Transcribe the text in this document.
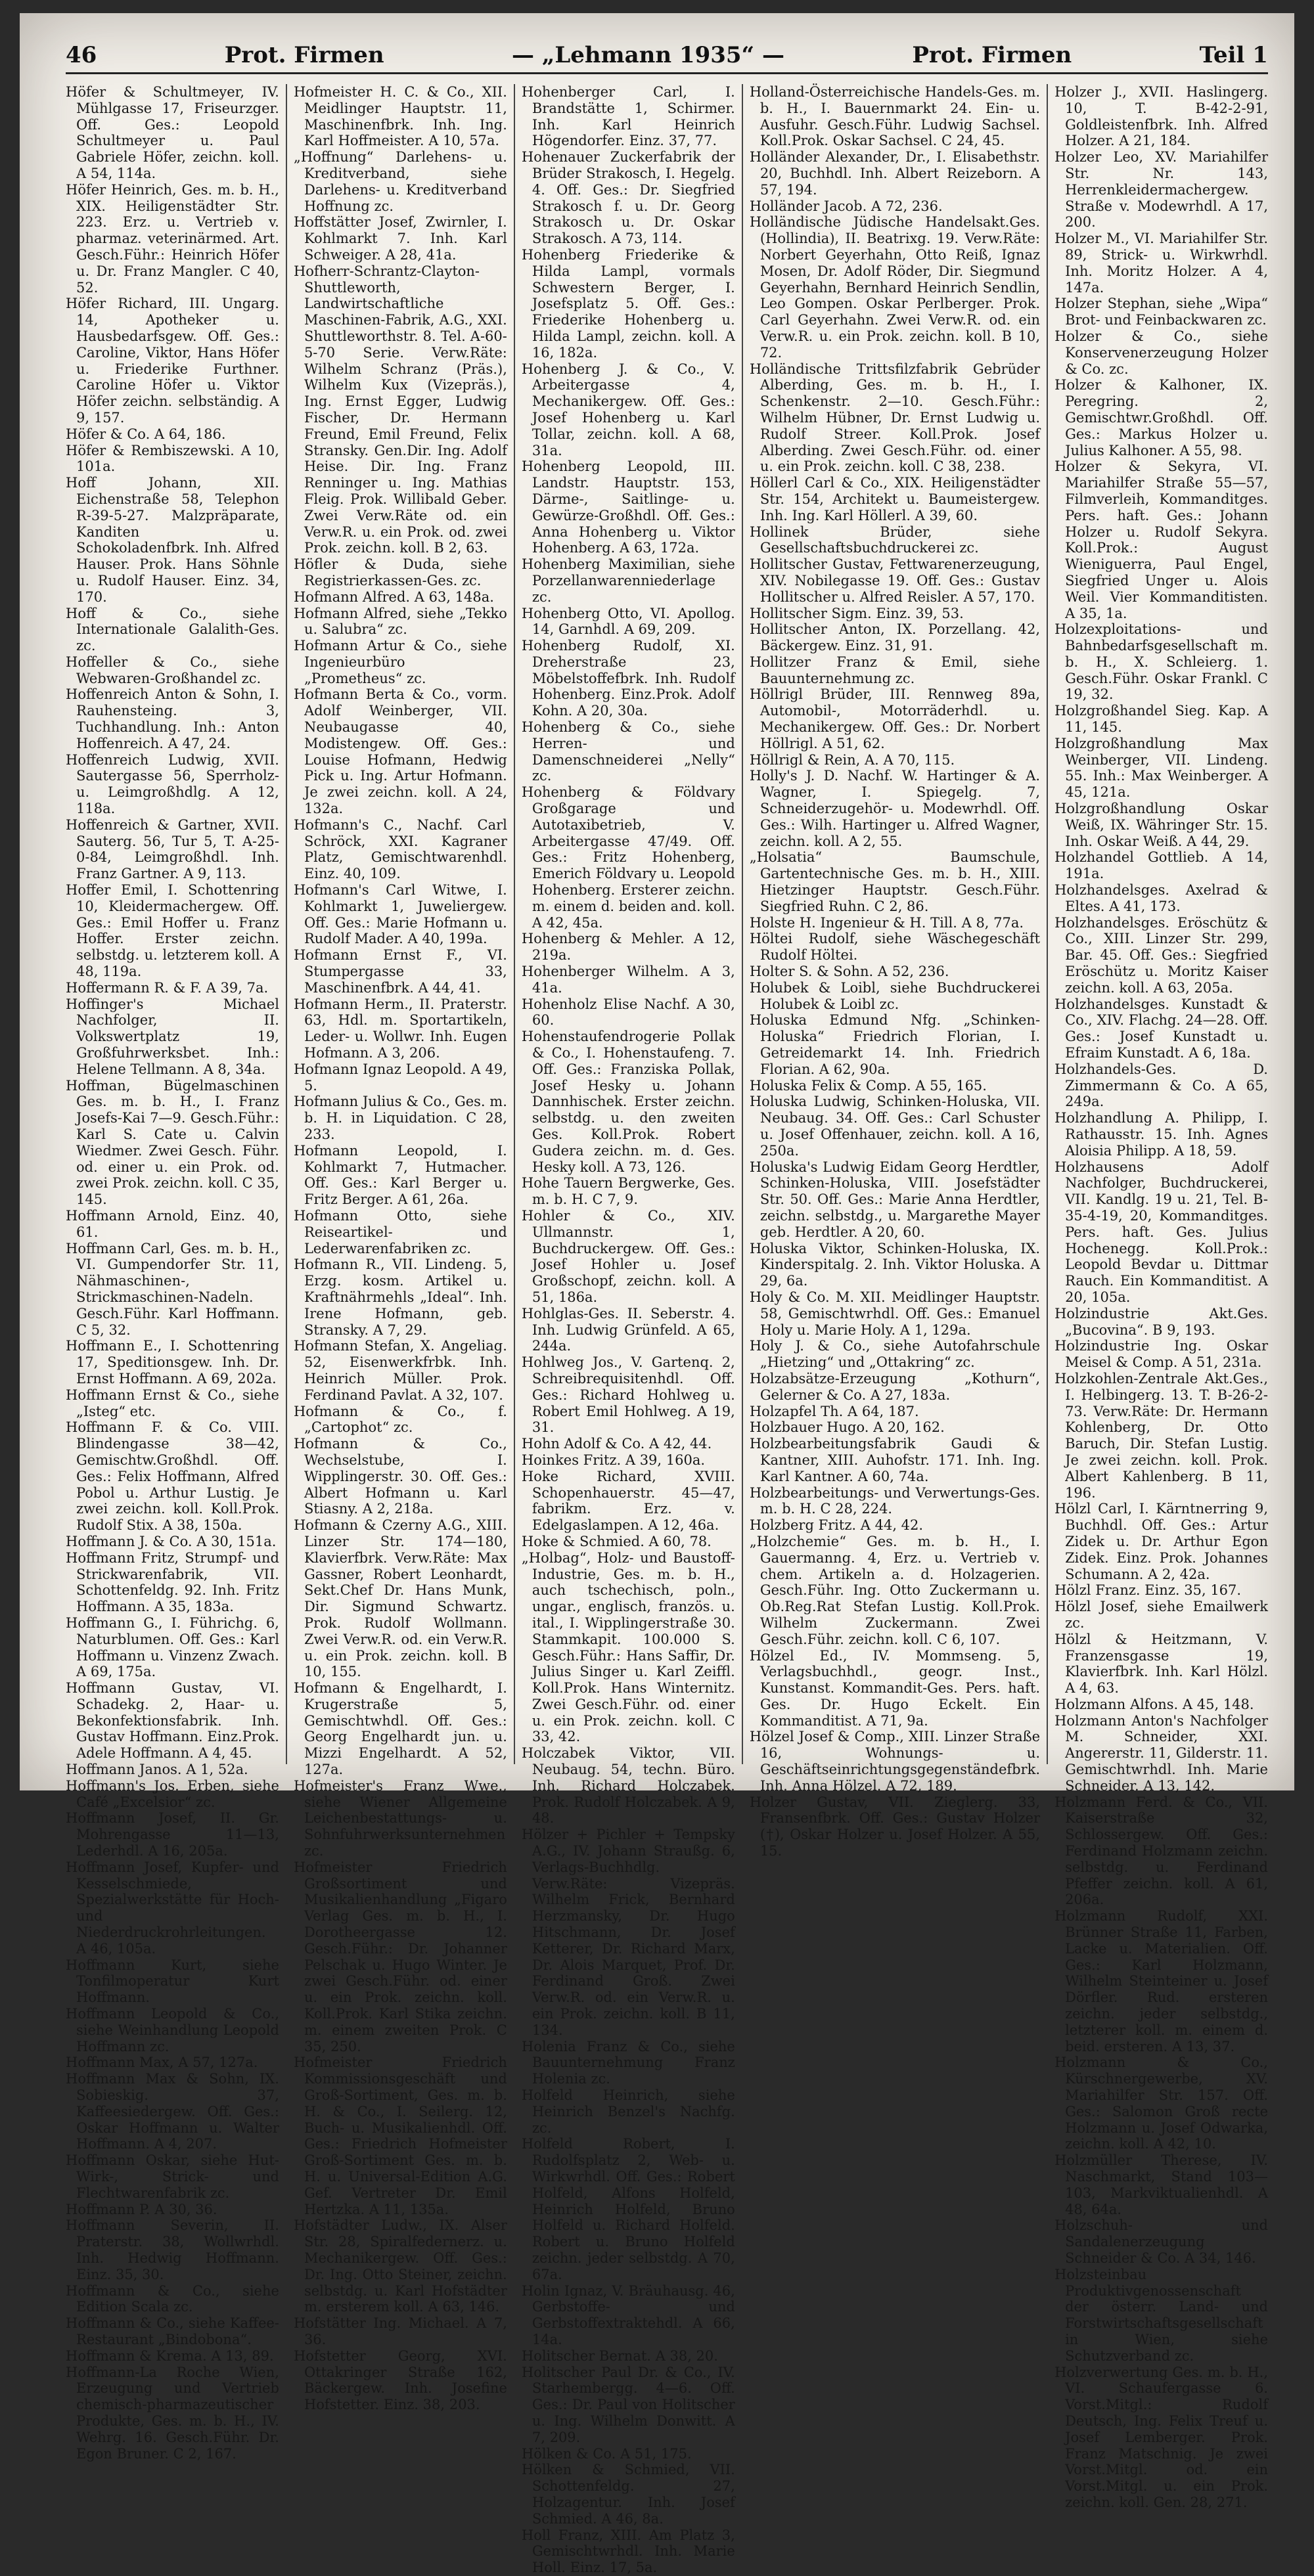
46	Prot. Firmen	— „Lehmann 1935“ —	Prot. Firmen	Teil 1

Höfer & Schultmeyer, IV. Mühlgasse 17, Friseurzger. Off. Ges.: Leopold Schultmeyer u. Paul Gabriele Höfer, zeichn. koll. A 54, 114a.

Höfer Heinrich, Ges. m. b. H., XIX. Heiligenstädter Str. 223. Erz. u. Vertrieb v. pharmaz. veterinärmed. Art. Gesch.Führ.: Heinrich Höfer u. Dr. Franz Mangler. C 40, 52.

Höfer Richard, III. Ungarg. 14, Apotheker u. Hausbedarfsgew. Off. Ges.: Caroline, Viktor, Hans Höfer u. Friederike Furthner. Caroline Höfer u. Viktor Höfer zeichn. selbständig. A 9, 157.

Höfer & Co. A 64, 186.

Höfer & Rembiszewski. A 10, 101a.

Hoff Johann, XII. Eichenstraße 58, Telephon R-39-5-27. Malzpräparate, Kanditen u. Schokoladenfbrk. Inh. Alfred Hauser. Prok. Hans Söhnle u. Rudolf Hauser. Einz. 34, 170.

Hoff & Co., siehe Internationale Galalith-Ges. zc.

Hoffeller & Co., siehe Webwaren-Großhandel zc.

Hoffenreich Anton & Sohn, I. Rauhensteing. 3, Tuchhandlung. Inh.: Anton Hoffenreich. A 47, 24.

Hoffenreich Ludwig, XVII. Sautergasse 56, Sperrholz- u. Leimgroßhdlg. A 12, 118a.

Hoffenreich & Gartner, XVII. Sauterg. 56, Tur 5, T. A-25-0-84, Leimgroßhdl. Inh. Franz Gartner. A 9, 113.

Hoffer Emil, I. Schottenring 10, Kleidermachergew. Off. Ges.: Emil Hoffer u. Franz Hoffer. Erster zeichn. selbstdg. u. letzterem koll. A 48, 119a.

Hoffermann R. & F. A 39, 7a.

Hoffinger's Michael Nachfolger, II. Volkswertplatz 19, Großfuhrwerksbet. Inh.: Helene Tellmann. A 8, 34a.

Hoffman, Bügelmaschinen Ges. m. b. H., I. Franz Josefs-Kai 7—9. Gesch.Führ.: Karl S. Cate u. Calvin Wiedmer. Zwei Gesch. Führ. od. einer u. ein Prok. od. zwei Prok. zeichn. koll. C 35, 145.

Hoffmann Arnold, Einz. 40, 61.

Hoffmann Carl, Ges. m. b. H., VI. Gumpendorfer Str. 11, Nähmaschinen-, Strickmaschinen-Nadeln. Gesch.Führ. Karl Hoffmann. C 5, 32.

Hoffmann E., I. Schottenring 17, Speditionsgew. Inh. Dr. Ernst Hoffmann. A 69, 202a.

Hoffmann Ernst & Co., siehe „Isteg“ etc.

Hoffmann F. & Co. VIII. Blindengasse 38—42, Gemischtw.Großhdl. Off. Ges.: Felix Hoffmann, Alfred Pobol u. Arthur Lustig. Je zwei zeichn. koll. Koll.Prok. Rudolf Stix. A 38, 150a.

Hoffmann J. & Co. A 30, 151a.

Hoffmann Fritz, Strumpf- und Strickwarenfabrik, VII. Schottenfeldg. 92. Inh. Fritz Hoffmann. A 35, 183a.

Hoffmann G., I. Führichg. 6, Naturblumen. Off. Ges.: Karl Hoffmann u. Vinzenz Zwach. A 69, 175a.

Hoffmann Gustav, VI. Schadekg. 2, Haar- u. Bekonfektionsfabrik. Inh. Gustav Hoffmann. Einz.Prok. Adele Hoffmann. A 4, 45.

Hoffmann Janos. A 1, 52a.

Hoffmann's Jos. Erben, siehe Café „Excelsior“ zc.

Hoffmann Josef, II. Gr. Mohrengasse 11—13, Lederhdl. A 16, 205a.

Hoffmann Josef, Kupfer- und Kesselschmiede, Spezialwerkstätte für Hoch- und Niederdruckrohrleitungen. A 46, 105a.

Hoffmann Kurt, siehe Tonfilmoperatur Kurt Hoffmann.

Hoffmann Leopold & Co., siehe Weinhandlung Leopold Hoffmann zc.

Hoffmann Max, A 57, 127a.

Hoffmann Max & Sohn, IX. Sobieskig. 37, Kaffeesiedergew. Off. Ges.: Oskar Hoffmann u. Walter Hoffmann. A 4, 207.

Hoffmann Oskar, siehe Hut- Wirk-, Strick- und Flechtwarenfabrik zc.

Hoffmann P. A 30, 36.

Hoffmann Severin, II. Praterstr. 38, Wollwrhdl. Inh. Hedwig Hoffmann. Einz. 35, 30.

Hoffmann & Co., siehe Edition Scala zc.

Hoffmann & Co., siehe Kaffee-Restaurant „Bindobona“.

Hoffmann & Krema. A 13, 89.

Hoffmann-La Roche Wien, Erzeugung und Vertrieb chemisch-pharmazeutischer Produkte, Ges. m. b. H., IV. Wehrg. 16. Gesch.Führ. Dr. Egon Bruner. C 2, 167.

Hofmeister H. C. & Co., XII. Meidlinger Hauptstr. 11, Maschinenfbrk. Inh. Ing. Karl Hoffmeister. A 10, 57a.

„Hoffnung“ Darlehens- u. Kreditverband, siehe Darlehens- u. Kreditverband Hoffnung zc.

Hoffstätter Josef, Zwirnler, I. Kohlmarkt 7. Inh. Karl Schweiger. A 28, 41a.

Hofherr-Schrantz-Clayton-Shuttleworth, Landwirtschaftliche Maschinen-Fabrik, A.G., XXI. Shuttleworthstr. 8. Tel. A-60-5-70 Serie. Verw.Räte: Wilhelm Schranz (Präs.), Wilhelm Kux (Vizepräs.), Ing. Ernst Egger, Ludwig Fischer, Dr. Hermann Freund, Emil Freund, Felix Stransky. Gen.Dir. Ing. Adolf Heise. Dir. Ing. Franz Renninger u. Ing. Mathias Fleig. Prok. Willibald Geber. Zwei Verw.Räte od. ein Verw.R. u. ein Prok. od. zwei Prok. zeichn. koll. B 2, 63.

Höfler & Duda, siehe Registrierkassen-Ges. zc.

Hofmann Alfred. A 63, 148a.

Hofmann Alfred, siehe „Tekko u. Salubra“ zc.

Hofmann Artur & Co., siehe Ingenieurbüro „Prometheus“ zc.

Hofmann Berta & Co., vorm. Adolf Weinberger, VII. Neubaugasse 40, Modistengew. Off. Ges.: Louise Hofmann, Hedwig Pick u. Ing. Artur Hofmann. Je zwei zeichn. koll. A 24, 132a.

Hofmann's C., Nachf. Carl Schröck, XXI. Kagraner Platz, Gemischtwarenhdl. Einz. 40, 109.

Hofmann's Carl Witwe, I. Kohlmarkt 1, Juweliergew. Off. Ges.: Marie Hofmann u. Rudolf Mader. A 40, 199a.

Hofmann Ernst F., VI. Stumpergasse 33, Maschinenfbrk. A 44, 41.

Hofmann Herm., II. Praterstr. 63, Hdl. m. Sportartikeln, Leder- u. Wollwr. Inh. Eugen Hofmann. A 3, 206.

Hofmann Ignaz Leopold. A 49, 5.

Hofmann Julius & Co., Ges. m. b. H. in Liquidation. C 28, 233.

Hofmann Leopold, I. Kohlmarkt 7, Hutmacher. Off. Ges.: Karl Berger u. Fritz Berger. A 61, 26a.

Hofmann Otto, siehe Reiseartikel- und Lederwarenfabriken zc.

Hofmann R., VII. Lindeng. 5, Erzg. kosm. Artikel u. Kraftnährmehls „Ideal“. Inh. Irene Hofmann, geb. Stransky. A 7, 29.

Hofmann Stefan, X. Angeliag. 52, Eisenwerkfrbk. Inh. Heinrich Müller. Prok. Ferdinand Pavlat. A 32, 107.

Hofmann & Co., f. „Cartophot“ zc.

Hofmann & Co., Wechselstube, I. Wipplingerstr. 30. Off. Ges.: Albert Hofmann u. Karl Stiasny. A 2, 218a.

Hofmann & Czerny A.G., XIII. Linzer Str. 174—180, Klavierfbrk. Verw.Räte: Max Gassner, Robert Leonhardt, Sekt.Chef Dr. Hans Munk, Dir. Sigmund Schwartz. Prok. Rudolf Wollmann. Zwei Verw.R. od. ein Verw.R. u. ein Prok. zeichn. koll. B 10, 155.

Hofmann & Engelhardt, I. Krugerstraße 5, Gemischtwhdl. Off. Ges.: Georg Engelhardt jun. u. Mizzi Engelhardt. A 52, 127a.

Hofmeister's Franz Wwe., siehe Wiener Allgemeine Leichenbestattungs- u. Sohnfuhrwerksunternehmen zc.

Hofmeister Friedrich Großsortiment und Musikalienhandlung „Figaro Verlag Ges. m. b. H., I. Dorotheergasse 12. Gesch.Führ.: Dr. Johanner Pelschak u. Hugo Winter. Je zwei Gesch.Führ. od. einer u. ein Prok. zeichn. koll. Koll.Prok. Karl Stika zeichn. m. einem zweiten Prok. C 35, 250.

Hofmeister Friedrich Kommissionsgeschäft und Groß-Sortiment, Ges. m. b. H. & Co., I. Seilerg. 12, Buch- u. Musikalienhdl. Off. Ges.: Friedrich Hofmeister Groß-Sortiment Ges. m. b. H. u. Universal-Edition A.G. Gef. Vertreter Dr. Emil Hertzka. A 11, 135a.

Hofstädter Ludw., IX. Alser Str. 28, Spiralfedernerz. u. Mechanikergew. Off. Ges.: Dr. Ing. Otto Steiner, zeichn. selbstdg. u. Karl Hofstädter m. ersterem koll. A 63, 146.

Hofstätter Ing. Michael. A 7, 36.

Hofstetter Georg, XVI. Ottakringer Straße 162, Bäckergew. Inh. Josefine Hofstetter. Einz. 38, 203.

Hohenberger Carl, I. Brandstätte 1, Schirmer. Inh. Karl Heinrich Högendorfer. Einz. 37, 77.

Hohenauer Zuckerfabrik der Brüder Strakosch, I. Hegelg. 4. Off. Ges.: Dr. Siegfried Strakosch f. u. Dr. Georg Strakosch u. Dr. Oskar Strakosch. A 73, 114.

Hohenberg Friederike & Hilda Lampl, vormals Schwestern Berger, I. Josefsplatz 5. Off. Ges.: Friederike Hohenberg u. Hilda Lampl, zeichn. koll. A 16, 182a.

Hohenberg J. & Co., V. Arbeitergasse 4, Mechanikergew. Off. Ges.: Josef Hohenberg u. Karl Tollar, zeichn. koll. A 68, 31a.

Hohenberg Leopold, III. Landstr. Hauptstr. 153, Därme-, Saitlinge- u. Gewürze-Großhdl. Off. Ges.: Anna Hohenberg u. Viktor Hohenberg. A 63, 172a.

Hohenberg Maximilian, siehe Porzellanwarenniederlage zc.

Hohenberg Otto, VI. Apollog. 14, Garnhdl. A 69, 209.

Hohenberg Rudolf, XI. Dreherstraße 23, Möbelstoffefbrk. Inh. Rudolf Hohenberg. Einz.Prok. Adolf Kohn. A 20, 30a.

Hohenberg & Co., siehe Herren- und Damenschneiderei „Nelly“ zc.

Hohenberg & Földvary Großgarage und Autotaxibetrieb, V. Arbeitergasse 47/49. Off. Ges.: Fritz Hohenberg, Emerich Földvary u. Leopold Hohenberg. Ersterer zeichn. m. einem d. beiden and. koll. A 42, 45a.

Hohenberg & Mehler. A 12, 219a.

Hohenberger Wilhelm. A 3, 41a.

Hohenholz Elise Nachf. A 30, 60.

Hohenstaufendrogerie Pollak & Co., I. Hohenstaufeng. 7. Off. Ges.: Franziska Pollak, Josef Hesky u. Johann Dannhischek. Erster zeichn. selbstdg. u. den zweiten Ges. Koll.Prok. Robert Gudera zeichn. m. d. Ges. Hesky koll. A 73, 126.

Hohe Tauern Bergwerke, Ges. m. b. H. C 7, 9.

Hohler & Co., XIV. Ullmannstr. 1, Buchdruckergew. Off. Ges.: Josef Hohler u. Josef Großschopf, zeichn. koll. A 51, 186a.

Hohlglas-Ges. II. Seberstr. 4. Inh. Ludwig Grünfeld. A 65, 244a.

Hohlweg Jos., V. Gartenq. 2, Schreibrequisitenhdl. Off. Ges.: Richard Hohlweg u. Robert Emil Hohlweg. A 19, 31.

Hohn Adolf & Co. A 42, 44.

Hoinkes Fritz. A 39, 160a.

Hoke Richard, XVIII. Schopenhauerstr. 45—47, fabrikm. Erz. v. Edelgaslampen. A 12, 46a.

Hoke & Schmied. A 60, 78.

„Holbag“, Holz- und Baustoff-Industrie, Ges. m. b. H., auch tschechisch, poln., ungar., englisch, französ. u. ital., I. Wipplingerstraße 30. Stammkapit. 100.000 S. Gesch.Führ.: Hans Saffir, Dr. Julius Singer u. Karl Zeiffl. Koll.Prok. Hans Winternitz. Zwei Gesch.Führ. od. einer u. ein Prok. zeichn. koll. C 33, 42.

Holczabek Viktor, VII. Neubaug. 54, techn. Büro. Inh. Richard Holczabek. Prok. Rudolf Holczabek. A 9, 48.

Hölzer + Pichler + Tempsky A.G., IV. Johann Straußg. 6, Verlags-Buchhdlg. Verw.Räte: Vizepräs. Wilhelm Frick, Bernhard Herzmansky, Dr. Hugo Hitschmann, Dr. Josef Ketterer, Dr. Richard Marx, Dr. Alois Marquet, Prof. Dr. Ferdinand Groß. Zwei Verw.R. od. ein Verw.R. u. ein Prok. zeichn. koll. B 11, 134.

Holenia Franz & Co., siehe Bauunternehmung Franz Holenia zc.

Holfeld Heinrich, siehe Heinrich Benzel's Nachfg. zc.

Holfeld Robert, I. Rudolfsplatz 2, Web- u. Wirkwrhdl. Off. Ges.: Robert Holfeld, Alfons Holfeld, Heinrich Holfeld, Bruno Holfeld u. Richard Holfeld. Robert u. Bruno Holfeld zeichn. jeder selbstdg. A 70, 67a.

Holin Ignaz, V. Bräuhausg. 46, Gerbstoffe- und Gerbstoffextraktehdl. A 66, 14a.

Holitscher Bernat. A 38, 20.

Holitscher Paul Dr. & Co., IV. Starhembergg. 4—6. Off. Ges.: Dr. Paul von Holitscher u. Ing. Wilhelm Donwitt. A 7, 209.

Hölken & Co. A 51, 175.

Hölken & Schmied, VII. Schottenfeldg. 27, Holzagentur. Inh. Josef Schmied. A 46, 8a.

Holl Franz, XIII. Am Platz 3, Gemischtwrhdl. Inh. Marie Holl. Einz. 17, 5a.

Holland-Österreichische Handels-Ges. m. b. H., I. Bauernmarkt 24. Ein- u. Ausfuhr. Gesch.Führ. Ludwig Sachsel. Koll.Prok. Oskar Sachsel. C 24, 45.

Holländer Alexander, Dr., I. Elisabethstr. 20, Buchhdl. Inh. Albert Reizeborn. A 57, 194.

Holländer Jacob. A 72, 236.

Holländische Jüdische Handelsakt.Ges. (Hollindia), II. Beatrixg. 19. Verw.Räte: Norbert Geyerhahn, Otto Reiß, Ignaz Mosen, Dr. Adolf Röder, Dir. Siegmund Geyerhahn, Bernhard Heinrich Sendlin, Leo Gompen. Oskar Perlberger. Prok. Carl Geyerhahn. Zwei Verw.R. od. ein Verw.R. u. ein Prok. zeichn. koll. B 10, 72.

Holländische Trittsfilzfabrik Gebrüder Alberding, Ges. m. b. H., I. Schenkenstr. 2—10. Gesch.Führ.: Wilhelm Hübner, Dr. Ernst Ludwig u. Rudolf Streer. Koll.Prok. Josef Alberding. Zwei Gesch.Führ. od. einer u. ein Prok. zeichn. koll. C 38, 238.

Höllerl Carl & Co., XIX. Heiligenstädter Str. 154, Architekt u. Baumeistergew. Inh. Ing. Karl Höllerl. A 39, 60.

Hollinek Brüder, siehe Gesellschaftsbuchdruckerei zc.

Hollitscher Gustav, Fettwarenerzeugung, XIV. Nobilegasse 19. Off. Ges.: Gustav Hollitscher u. Alfred Reisler. A 57, 170.

Hollitscher Sigm. Einz. 39, 53.

Hollitscher Anton, IX. Porzellang. 42, Bäckergew. Einz. 31, 91.

Hollitzer Franz & Emil, siehe Bauunternehmung zc.

Höllrigl Brüder, III. Rennweg 89a, Automobil-, Motorräderhdl. u. Mechanikergew. Off. Ges.: Dr. Norbert Höllrigl. A 51, 62.

Höllrigl & Rein, A. A 70, 115.

Holly's J. D. Nachf. W. Hartinger & A. Wagner, I. Spiegelg. 7, Schneiderzugehör- u. Modewrhdl. Off. Ges.: Wilh. Hartinger u. Alfred Wagner, zeichn. koll. A 2, 55.

„Holsatia“ Baumschule, Gartentechnische Ges. m. b. H., XIII. Hietzinger Hauptstr. Gesch.Führ. Siegfried Ruhn. C 2, 86.

Holste H. Ingenieur & H. Till. A 8, 77a.

Höltei Rudolf, siehe Wäschegeschäft Rudolf Höltei.

Holter S. & Sohn. A 52, 236.

Holubek & Loibl, siehe Buchdruckerei Holubek & Loibl zc.

Holuska Edmund Nfg. „Schinken-Holuska“ Friedrich Florian, I. Getreidemarkt 14. Inh. Friedrich Florian. A 62, 90a.

Holuska Felix & Comp. A 55, 165.

Holuska Ludwig, Schinken-Holuska, VII. Neubaug. 34. Off. Ges.: Carl Schuster u. Josef Offenhauer, zeichn. koll. A 16, 250a.

Holuska's Ludwig Eidam Georg Herdtler, Schinken-Holuska, VIII. Josefstädter Str. 50. Off. Ges.: Marie Anna Herdtler, zeichn. selbstdg., u. Margarethe Mayer geb. Herdtler. A 20, 60.

Holuska Viktor, Schinken-Holuska, IX. Kinderspitalg. 2. Inh. Viktor Holuska. A 29, 6a.

Holy & Co. M. XII. Meidlinger Hauptstr. 58, Gemischtwrhdl. Off. Ges.: Emanuel Holy u. Marie Holy. A 1, 129a.

Holy J. & Co., siehe Autofahrschule „Hietzing“ und „Ottakring“ zc.

Holzabsätze-Erzeugung „Kothurn“, Gelerner & Co. A 27, 183a.

Holzapfel Th. A 64, 187.

Holzbauer Hugo. A 20, 162.

Holzbearbeitungsfabrik Gaudi & Kantner, XIII. Auhofstr. 171. Inh. Ing. Karl Kantner. A 60, 74a.

Holzbearbeitungs- und Verwertungs-Ges. m. b. H. C 28, 224.

Holzberg Fritz. A 44, 42.

„Holzchemie“ Ges. m. b. H., I. Gauermanng. 4, Erz. u. Vertrieb v. chem. Artikeln a. d. Holzagerien. Gesch.Führ. Ing. Otto Zuckermann u. Ob.Reg.Rat Stefan Lustig. Koll.Prok. Wilhelm Zuckermann. Zwei Gesch.Führ. zeichn. koll. C 6, 107.

Hölzel Ed., IV. Mommseng. 5, Verlagsbuchhdl., geogr. Inst., Kunstanst. Kommandit-Ges. Pers. haft. Ges. Dr. Hugo Eckelt. Ein Kommanditist. A 71, 9a.

Hölzel Josef & Comp., XIII. Linzer Straße 16, Wohnungs- u. Geschäftseinrichtungsgegenständefbrk. Inh. Anna Hölzel. A 72, 189.

Holzer Gustav, VII. Zieglerg. 33, Fransenfbrk. Off. Ges.: Gustav Holzer (†), Oskar Holzer u. Josef Holzer. A 55, 15.

Holzer J., XVII. Haslingerg. 10, T. B-42-2-91, Goldleistenfbrk. Inh. Alfred Holzer. A 21, 184.

Holzer Leo, XV. Mariahilfer Str. Nr. 143, Herrenkleidermachergew. Straße v. Modewrhdl. A 17, 200.

Holzer M., VI. Mariahilfer Str. 89, Strick- u. Wirkwrhdl. Inh. Moritz Holzer. A 4, 147a.

Holzer Stephan, siehe „Wipa“ Brot- und Feinbackwaren zc.

Holzer & Co., siehe Konservenerzeugung Holzer & Co. zc.

Holzer & Kalhoner, IX. Peregring. 2, Gemischtwr.Großhdl. Off. Ges.: Markus Holzer u. Julius Kalhoner. A 55, 98.

Holzer & Sekyra, VI. Mariahilfer Straße 55—57, Filmverleih, Kommanditges. Pers. haft. Ges.: Johann Holzer u. Rudolf Sekyra. Koll.Prok.: August Wieniguerra, Paul Engel, Siegfried Unger u. Alois Weil. Vier Kommanditisten. A 35, 1a.

Holzexploitations- und Bahnbedarfsgesellschaft m. b. H., X. Schleierg. 1. Gesch.Führ. Oskar Frankl. C 19, 32.

Holzgroßhandel Sieg. Kap. A 11, 145.

Holzgroßhandlung Max Weinberger, VII. Lindeng. 55. Inh.: Max Weinberger. A 45, 121a.

Holzgroßhandlung Oskar Weiß, IX. Währinger Str. 15. Inh. Oskar Weiß. A 44, 29.

Holzhandel Gottlieb. A 14, 191a.

Holzhandelsges. Axelrad & Eltes. A 41, 173.

Holzhandelsges. Eröschütz & Co., XIII. Linzer Str. 299, Bar. 45. Off. Ges.: Siegfried Eröschütz u. Moritz Kaiser zeichn. koll. A 63, 205a.

Holzhandelsges. Kunstadt & Co., XIV. Flachg. 24—28. Off. Ges.: Josef Kunstadt u. Efraim Kunstadt. A 6, 18a.

Holzhandels-Ges. D. Zimmermann & Co. A 65, 249a.

Holzhandlung A. Philipp, I. Rathausstr. 15. Inh. Agnes Aloisia Philipp. A 18, 59.

Holzhausens Adolf Nachfolger, Buchdruckerei, VII. Kandlg. 19 u. 21, Tel. B-35-4-19, 20, Kommanditges. Pers. haft. Ges. Julius Hochenegg. Koll.Prok.: Leopold Bevdar u. Dittmar Rauch. Ein Kommanditist. A 20, 105a.

Holzindustrie Akt.Ges. „Bucovina“. B 9, 193.

Holzindustrie Ing. Oskar Meisel & Comp. A 51, 231a.

Holzkohlen-Zentrale Akt.Ges., I. Helbingerg. 13. T. B-26-2-73. Verw.Räte: Dr. Hermann Kohlenberg, Dr. Otto Baruch, Dir. Stefan Lustig. Je zwei zeichn. koll. Prok. Albert Kahlenberg. B 11, 196.

Hölzl Carl, I. Kärntnerring 9, Buchhdl. Off. Ges.: Artur Zidek u. Dr. Arthur Egon Zidek. Einz. Prok. Johannes Schumann. A 2, 42a.

Hölzl Franz. Einz. 35, 167.

Hölzl Josef, siehe Emailwerk zc.

Hölzl & Heitzmann, V. Franzensgasse 19, Klavierfbrk. Inh. Karl Hölzl. A 4, 63.

Holzmann Alfons. A 45, 148.

Holzmann Anton's Nachfolger M. Schneider, XXI. Angererstr. 11, Gilderstr. 11. Gemischtwrhdl. Inh. Marie Schneider. A 13, 142.

Holzmann Ferd. & Co., VII. Kaiserstraße 32, Schlossergew. Off. Ges.: Ferdinand Holzmann zeichn. selbstdg. u. Ferdinand Pfeffer zeichn. koll. A 61, 206a.

Holzmann Rudolf, XXI. Brünner Straße 11, Farben, Lacke u. Materialien. Off. Ges.: Karl Holzmann, Wilhelm Steinteiner u. Josef Dörfler. Rud. ersteren zeichn. jeder selbstdg., letzterer koll. m. einem d. beid. ersteren. A 13, 37.

Holzmann & Co., Kürschnergewerbe, XV. Mariahilfer Str. 157. Off. Ges.: Salomon Groß recte Holzmann u. Josef Odwarka, zeichn. koll. A 42, 10.

Holzmüller Therese, IV. Naschmarkt, Stand 103—103, Markviktualienhdl. A 48, 64a.

Holzschuh- und Sandalenerzeugung Schneider & Co. A 34, 146.

Holzsteinbau Produktivgenossenschaft der österr. Land- und Forstwirtschaftsgesellschaft in Wien, siehe Schutzverband zc.

Holzverwertung Ges. m. b. H., VI. Schaufergasse 6. Vorst.Mitgl.: Rudolf Deutsch, Ing. Felix Treuf u. Josef Lemberger. Prok. Franz Matschnig. Je zwei Vorst.Mitgl. od. ein Vorst.Mitgl. u. ein Prok. zeichn. koll. Gen. 28, 271.
